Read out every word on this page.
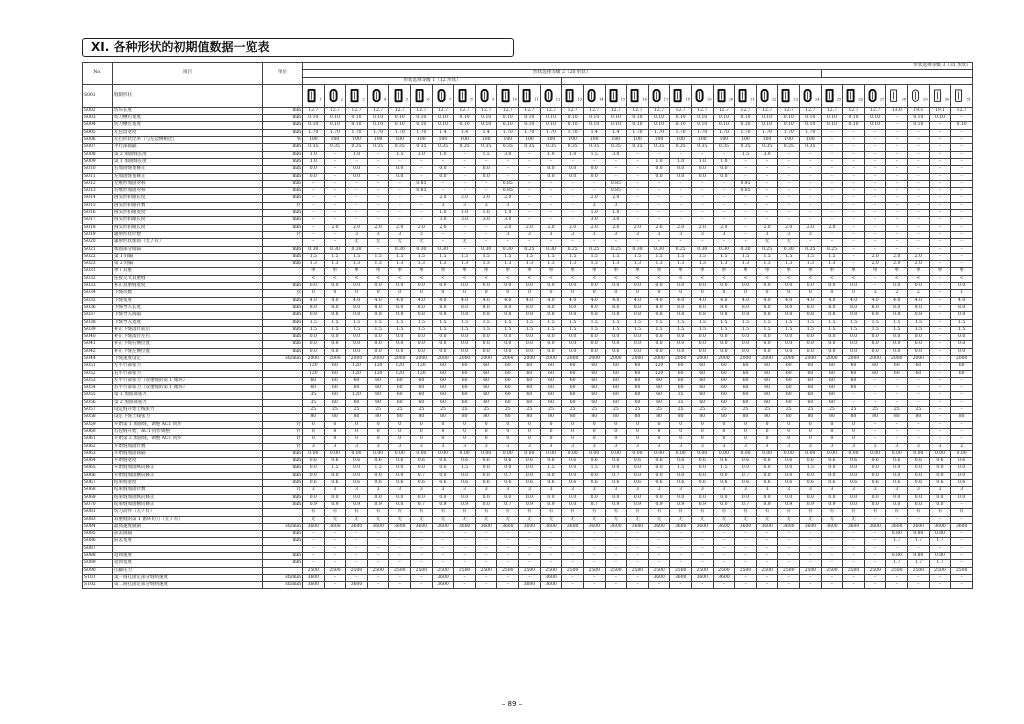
XI. 各种形状的初期值数据一览表
No.	项目	单位	形状选择等级 3（31 形状）																														
			形状选择等级 2（20 形状）																														
			形状选择等级 1（12 形状）																														
S001	缝制形状		1	2	3	4	5	6	7	8	9	10	11	12	13	14	15	16	17	18	19	20	21	22	23	24	25	26	27	28	29	30	31
S002	切布长度	mm	12.7	12.7	12.7	12.7	12.7	12.7	12.7	12.7	12.7	12.7	12.7	12.7	12.7	12.7	12.7	12.7	12.7	12.7	12.7	12.7	12.7	12.7	12.7	12.7	12.7	12.7	12.7	13.0	19.1	19.1	12.7
S003	切刀槽右宽度	mm	0.10	0.10	0.10	0.10	0.10	0.10	0.10	0.10	0.10	0.10	0.10	0.10	0.10	0.10	0.10	0.10	0.10	0.10	0.10	0.10	0.10	0.10	0.10	0.10	0.10	0.10	0.10	–	0.10	0.10	–
S004	切刀槽左宽度	mm	0.10	0.10	0.10	0.10	0.10	0.10	0.10	0.10	0.10	0.10	0.10	0.10	0.10	0.10	0.10	0.10	0.10	0.10	0.10	0.10	0.10	0.10	0.10	0.10	0.10	0.10	0.10	–	0.10	–	0.10
S005	左包边宽度	mm	1.70	1.70	1.70	1.70	1.70	1.70	1.4	1.4	1.4	1.70	1.70	1.70	1.70	1.4	1.4	1.70	1.70	1.70	1.70	1.70	1.70	1.70	1.70	1.70	–	–	–	–	–	–	–
S006	左右形状比率（与左边侧相比）	%	100	100	100	100	100	100	100	100	100	100	100	100	100	100	100	100	100	100	100	100	100	100	100	100	–	–	–	–	–	–	–
S007	平行部间隔	mm	0.35	0.35	0.35	0.35	0.35	0.35	0.35	0.35	0.35	0.35	0.35	0.35	0.35	0.35	0.35	0.35	0.35	0.35	0.35	0.35	0.35	0.35	0.35	0.35	–	–	–	–	–	–	–
S008	第 2 加固缝长度	mm	1.0	–	1.0	–	1.5	3.0	1.0	–	1.5	3.0	–	1.0	1.0	1.5	3.0	–	–	–	–	–	1.5	3.0	–	–	–	–	–	–	–	–	–
S009	第 1 加固缝长度	mm	1.0	–	–	–	–	–	–	–	–	–	–	–	–	–	–	–	1.0	1.0	1.0	1.0	–	–	–	–	–	–	–	–	–	–	–
S010	右加固缝宽修正	mm	0.0	–	0.0	–	0.0	–	0.0	–	0.0	–	–	0.0	0.0	0.0	–	–	0.0	0.0	0.0	0.0	–	–	–	–	–	–	–	–	–	–	–
S011	左加固缝宽修正	mm	0.0	–	0.0	–	0.0	–	0.0	–	0.0	–	–	0.0	0.0	0.0	–	–	0.0	0.0	0.0	0.0	–	–	–	–	–	–	–	–	–	–	–
S012	左维形加固对称	mm	–	–	–	–	–	0.85	–	–	–	0.85	–	–	–	–	0.85	–	–	–	–	–	0.85	–	–	–	–	–	–	–	–	–	–
S013	右维形加固对称	mm	–	–	–	–	–	0.85	–	–	–	0.85	–	–	–	–	0.85	–	–	–	–	–	0.85	–	–	–	–	–	–	–	–	–	–
S014	圆头形扣眼长度	mm	–	–	–	–	–	–	2.0	2.0	2.0	2.0	–	–	–	2.0	2.0	–	–	–	–	–	–	–	–	–	–	–	–	–	–	–	–
S015	圆头形扣眼针数	针	–	–	–	–	–	–	3	3	3	3	–	–	–	3	3	–	–	–	–	–	–	–	–	–	–	–	–	–	–	–	–
S016	圆头形扣眼宽度	mm	–	–	–	–	–	–	1.0	1.0	1.0	1.0	–	–	–	1.0	1.0	–	–	–	–	–	–	–	–	–	–	–	–	–	–	–	–
S017	圆头形扣眼长度	mm	–	–	–	–	–	–	3.0	3.0	3.0	3.0	–	–	–	3.0	3.0	–	–	–	–	–	–	–	–	–	–	–	–	–	–	–	–
S018	圆头形扣眼长度	mm	–	2.0	2.0	2.0	2.0	2.0	2.0	–	–	2.0	2.0	2.0	2.0	2.0	2.0	2.0	2.0	2.0	2.0	2.0	–	2.0	2.0	2.0	2.0	–	–	–	–	–	–
S019	辐射形状针数	针	–	–	3	3	3	3	–	–	–	3	3	3	3	3	3	3	3	3	3	3	–	3	3	3	–	–	–	–	–	–	–
S020	辐射形状加固（无 / 有）		–	–	无	无	无	无	–	无	–	–	–	–	–	–	–	–	–	–	–	–	–	无	无	–	–	–	–	–	–	–	–
S021	加固部分间隔	mm	0.30	0.30	0.30	–	0.30	0.30	0.30	–	0.30	0.30	0.25	0.30	0.25	0.25	0.25	0.30	0.30	0.25	0.30	0.30	0.30	0.25	0.30	0.25	0.25	–	–	–	–	–	–
S022	第 1 间隔	mm	1.5	1.5	1.5	1.5	1.5	1.5	1.5	1.5	1.5	1.5	1.5	1.5	1.5	1.5	1.5	1.5	1.5	1.5	1.5	1.5	1.5	1.5	1.5	1.5	1.5	–	2.0	2.0	2.0	–	–
S023	第 2 间隔	mm	1.3	1.3	1.3	1.3	1.3	1.3	1.3	1.3	1.3	1.3	1.3	1.3	1.3	1.3	1.3	1.3	1.3	1.3	1.3	1.3	1.3	1.3	1.3	1.3	1.3	–	2.0	2.0	2.0	–	–
S031	单 / 双重		单	单	单	单	单	单	单	单	单	单	单	单	单	单	单	单	单	单	单	单	单	单	单	单	单	单	单	单	单	单	单
S032	连接交叉双重缝		<	<	<	<	<	<	<	<	<	<	<	<	<	<	<	<	<	<	<	<	<	<	<	<	<	<	–	<	<	–	<
S033	补正双重缝宽度	mm	0.0	0.0	0.0	0.0	0.0	0.0	0.0	0.0	0.0	0.0	0.0	0.0	0.0	0.0	0.0	0.0	0.0	0.0	0.0	0.0	0.0	0.0	0.0	0.0	0.0	0.0	–	0.0	0.0	–	0.0
S034	下缝次数	次	0	0	0	0	0	0	0	0	0	0	0	0	0	0	0	0	0	0	0	0	0	0	0	0	0	0	3	2	2	–	1
S035	下缝宽度	mm	4.0	4.0	4.0	4.0	4.0	4.0	4.0	4.0	4.0	4.0	4.0	4.0	4.0	4.0	4.0	4.0	4.0	4.0	4.0	4.0	4.0	4.0	4.0	4.0	4.0	4.0	4.0	4.0	4.0	–	4.0
S036	下缝导入长度	mm	8.0	8.0	8.0	8.0	8.0	8.0	8.0	8.0	8.0	8.0	8.0	8.0	8.0	8.0	8.0	8.0	8.0	8.0	8.0	8.0	8.0	8.0	8.0	8.0	8.0	8.0	8.0	8.0	8.0	–	8.0
S037	下缝导入间隔	mm	0.8	0.8	0.8	0.8	0.8	0.8	0.8	0.8	0.8	0.8	0.8	0.8	0.8	0.8	0.8	0.8	0.8	0.8	0.8	0.8	0.8	0.8	0.8	0.8	0.8	0.8	0.8	0.8	0.8	–	0.8
S038	下缝导入宽度	mm	1.5	1.5	1.5	1.5	1.5	1.5	1.5	1.5	1.5	1.5	1.5	1.5	1.5	1.5	1.5	1.5	1.5	1.5	1.5	1.5	1.5	1.5	1.5	1.5	1.5	1.5	1.5	1.5	1.5	–	1.5
S039	补正下缝落针前后	mm	1.5	1.5	1.5	1.5	1.5	1.5	1.5	1.5	1.5	1.5	1.5	1.5	1.5	1.5	1.5	1.5	1.5	1.5	1.5	1.5	1.5	1.5	1.5	1.5	1.5	1.5	1.5	1.5	1.5	–	1.5
S040	补正下缝落针左右	mm	0.0	0.0	0.0	0.0	0.0	0.0	0.0	0.0	0.0	0.0	0.0	0.0	0.0	0.0	0.0	0.0	0.0	0.0	0.0	0.0	0.0	0.0	0.0	0.0	0.0	0.0	0.0	0.0	0.0	–	0.0
S041	补正下缝右侧位置	mm	0.0	0.0	0.0	0.0	0.0	0.0	0.0	0.0	0.0	0.0	0.0	0.0	0.0	0.0	0.0	0.0	0.0	0.0	0.0	0.0	0.0	0.0	0.0	0.0	0.0	0.0	0.0	0.0	0.0	–	0.0
S042	补正下缝左侧位置	mm	0.0	0.0	0.0	0.0	0.0	0.0	0.0	0.0	0.0	0.0	0.0	0.0	0.0	0.0	0.0	0.0	0.0	0.0	0.0	0.0	0.0	0.0	0.0	0.0	0.0	0.0	0.0	0.0	0.0	–	0.0
S044	下缝速度设定	sti/min	2000	2000	2000	2000	2000	2000	2000	2000	2000	2000	2000	2000	2000	2000	2000	2000	2000	2000	2000	2000	2000	2000	2000	2000	2000	2000	2000	2000	2000	–	2000
S051	左平行部张力		120	60	120	120	120	120	60	60	60	60	60	60	60	60	60	60	120	60	60	60	60	60	60	60	60	60	60	60	60	–	60
S052	右平行部张力		120	60	120	120	120	120	60	60	60	60	60	60	60	60	60	60	120	60	60	60	60	60	60	60	60	60	60	60	60	–	60
S053	左平行部张力（双重缝的第 1 循环）		60	60	60	60	60	60	60	60	60	60	60	60	60	60	60	60	60	60	60	60	60	60	60	60	60	60	–	–	–	–	–
S054	右平行部张力（双重缝的第 1 循环）		60	60	60	60	60	60	60	60	60	60	60	60	60	60	60	60	60	60	60	60	60	60	60	60	60	60	–	–	–	–	–
S055	第 1 加固部张力		35	60	120	60	60	60	60	60	60	60	60	60	60	60	60	60	60	35	60	60	60	60	60	60	60	–	–	–	–	–	–
S056	第 2 加固部张力		35	60	60	60	60	60	60	60	60	60	60	60	60	60	60	60	60	35	60	60	60	60	60	60	60	–	–	–	–	–	–
S057	设定缝开始上线张力		25	25	25	25	25	25	25	25	25	25	25	25	25	25	25	25	25	25	25	25	25	25	25	25	25	25	25	25	25	–	–
S058	设定下缝上线张力		80	80	80	80	80	80	80	80	80	80	80	80	80	80	80	80	80	80	80	80	80	80	80	80	80	80	80	80	80	–	80
S059	开始第 1 加固缝，调整 ACT 同步	针	0	0	0	0	0	0	0	0	0	0	0	0	0	0	0	0	0	0	0	0	0	0	0	0	0	0	–	–	–	–	–
S060	右包缝开始，ACT 同步调整	针	0	0	0	0	0	0	0	0	0	0	0	0	0	0	0	0	0	0	0	0	0	0	0	0	0	0	–	–	–	–	–
S061	开始第 2 加固缝，调整 ACT 同步	针	0	0	0	0	0	0	0	0	0	0	0	0	0	0	0	0	0	0	0	0	0	0	0	0	0	0	–	–	–	–	–
S062	开始缝加固针数	针	3	3	3	3	3	3	3	3	3	3	3	3	3	3	3	3	3	3	3	3	3	3	3	3	3	3	3	3	3	3	2
S063	开始缝加固间隔	mm	0.00	0.00	0.00	0.00	0.00	0.00	0.00	0.00	0.00	0.00	0.00	0.00	0.00	0.00	0.00	0.00	0.00	0.00	0.00	0.00	0.00	0.00	0.00	0.00	0.00	0.00	0.00	0.00	0.00	0.00	0.00
S064	开始缝宽度	mm	0.6	0.6	0.6	0.6	0.6	0.6	0.6	0.6	0.6	0.6	0.6	0.6	0.6	0.6	0.6	0.6	0.6	0.6	0.6	0.6	0.6	0.6	0.6	0.6	0.6	0.6	0.6	0.6	0.6	0.6	0.6
S065	开始缝加固纵向修正	mm	0.0	1.5	0.0	1.5	0.0	0.0	0.0	1.5	0.0	0.0	0.0	1.5	0.0	1.5	0.0	0.0	0.0	1.5	0.0	1.5	0.0	0.0	0.0	1.5	0.0	0.0	0.0	0.0	0.0	0.0	0.0
S066	开始缝加固横向修正	mm	0.0	0.0	0.0	0.0	0.0	0.7	0.0	0.0	0.0	0.7	0.0	0.0	0.0	0.0	0.7	0.0	0.0	0.0	0.0	0.0	0.7	0.0	0.0	0.0	0.0	0.0	0.0	0.0	0.0	0.0	0.0
S067	结束缝宽度	mm	0.6	0.6	0.6	0.6	0.6	0.6	0.6	0.6	0.6	0.6	0.6	0.6	0.6	0.6	0.6	0.6	0.6	0.6	0.6	0.6	0.6	0.6	0.6	0.6	0.6	0.6	0.6	0.6	0.6	0.6	0.6
S068	结束缝加固针数	针	3	3	3	3	3	3	3	3	3	3	3	3	3	3	3	3	3	3	3	3	3	3	3	3	3	3	3	3	3	3	3
S069	结束缝加固纵向修正	mm	0.0	0.0	0.0	0.0	0.0	0.0	0.0	0.0	0.0	0.0	0.0	0.0	0.0	0.0	0.0	0.0	0.0	0.0	0.0	0.0	0.0	0.0	0.0	0.0	0.0	0.0	0.0	0.0	0.0	0.0	0.0
S070	结束缝加固横向修正	mm	0.9	0.9	0.9	0.9	0.0	0.7	0.9	0.9	0.0	0.7	0.9	0.9	0.0	0.7	0.9	0.9	0.9	0.9	0.9	0.0	0.7	0.9	0.9	0.9	0.9	0.0	0.0	0.0	0.0	0.0	–
S081	切刀动作（无 / 有）		有	有	有	有	有	有	有	有	有	有	有	有	有	有	有	有	有	有	有	有	有	有	有	有	有	有	有	有	有	有	有
S083	双重缝的第 1 循环切刀（无 / 有）		无	无	无	无	无	无	无	无	无	无	无	无	无	无	无	无	无	无	无	无	无	无	无	无	无	无	–	–	–	–	–
S084	最高速度限制	sti/min	3600	3600	3600	3600	3600	3600	3600	3600	3600	3600	3600	3600	3600	3600	3600	3600	3600	3600	3600	3600	3600	3600	3600	3600	3600	3600	3600	3600	3600	3600	3600
S085	前去间隔	mm	–	–	–	–	–	–	–	–	–	–	–	–	–	–	–	–	–	–	–	–	–	–	–	–	–	–	–	0.80	0.80	0.80	–
S086	前去宽度	mm	–	–	–	–	–	–	–	–	–	–	–	–	–	–	–	–	–	–	–	–	–	–	–	–	–	–	–	1.7	1.7	1.7	–
S087			–	–	–	–	–	–	–	–	–	–	–	–	–	–	–	–	–	–	–	–	–	–	–	–	–	–	–	–	–	–	–
S088	返回速度	mm	–	–	–	–	–	–	–	–	–	–	–	–	–	–	–	–	–	–	–	–	–	–	–	–	–	–	–	0.80	0.80	0.80	–
S089	返回宽度	mm	–	–	–	–	–	–	–	–	–	–	–	–	–	–	–	–	–	–	–	–	–	–	–	–	–	–	–	1.7	1.7	1.7	–
S090	压脚压力		2500	2500	2500	2500	2500	2500	2500	2500	2500	2500	2500	2500	2500	2500	2500	2500	2500	2500	2500	2500	2500	2500	2500	2500	2500	2500	2500	2500	2500	2500	2500
S101	第一圆孔固定部分缝纫速度	sti/min	3600	–	–	–	–	–	3600	–	–	–	–	3600	–	–	–	–	3600	3600	3600	3600	–	–	–	–	–	–	–	–	–	–	–
S102	第二圆孔固定部分缝纫速度	sti/min	3600	–	3600	–	–	–	3600	–	–	–	3600	3600	–	–	–	–	–	–	–	–	–	–	–	–	–	–	–	–	–	–	–
– 89 –
